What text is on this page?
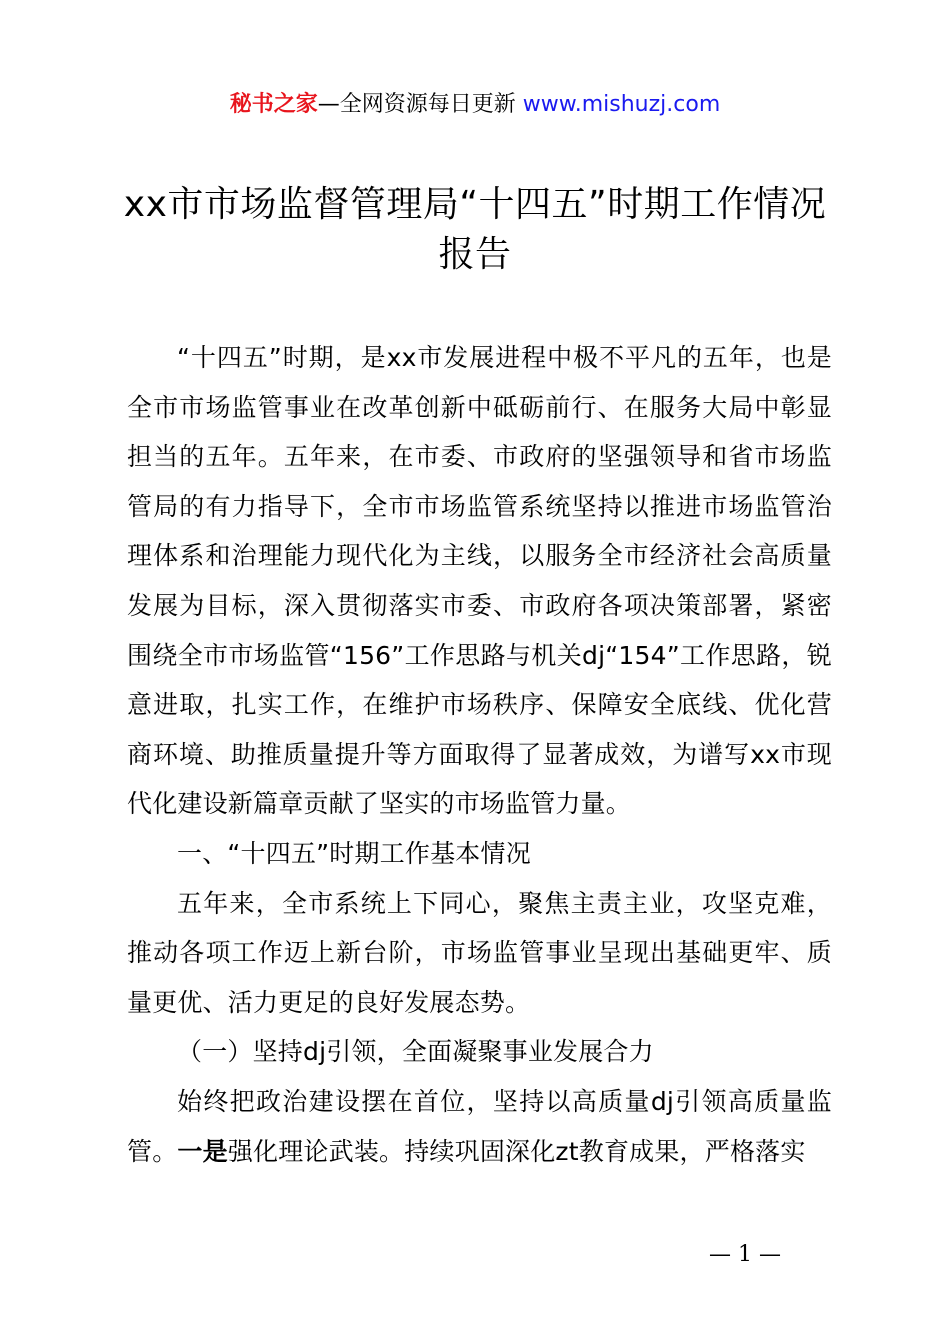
秘书之家—全网资源每日更新 www.mishuzj.com
xx市市场监督管理局“十四五”时期工作情况报告

“十四五”时期，是xx市发展进程中极不平凡的五年，也是全市市场监管事业在改革创新中砥砺前行、在服务大局中彰显担当的五年。五年来，在市委、市政府的坚强领导和省市场监管局的有力指导下，全市市场监管系统坚持以推进市场监管治理体系和治理能力现代化为主线，以服务全市经济社会高质量发展为目标，深入贯彻落实市委、市政府各项决策部署，紧密围绕全市市场监管“156”工作思路与机关dj“154”工作思路，锐意进取，扎实工作，在维护市场秩序、保障安全底线、优化营商环境、助推质量提升等方面取得了显著成效，为谱写xx市现代化建设新篇章贡献了坚实的市场监管力量。

一、“十四五”时期工作基本情况

五年来，全市系统上下同心，聚焦主责主业，攻坚克难，推动各项工作迈上新台阶，市场监管事业呈现出基础更牢、质量更优、活力更足的良好发展态势。

（一）坚持dj引领，全面凝聚事业发展合力

始终把政治建设摆在首位，坚持以高质量dj引领高质量监管。一是强化理论武装。持续巩固深化zt教育成果，严格落实

— 1 —
